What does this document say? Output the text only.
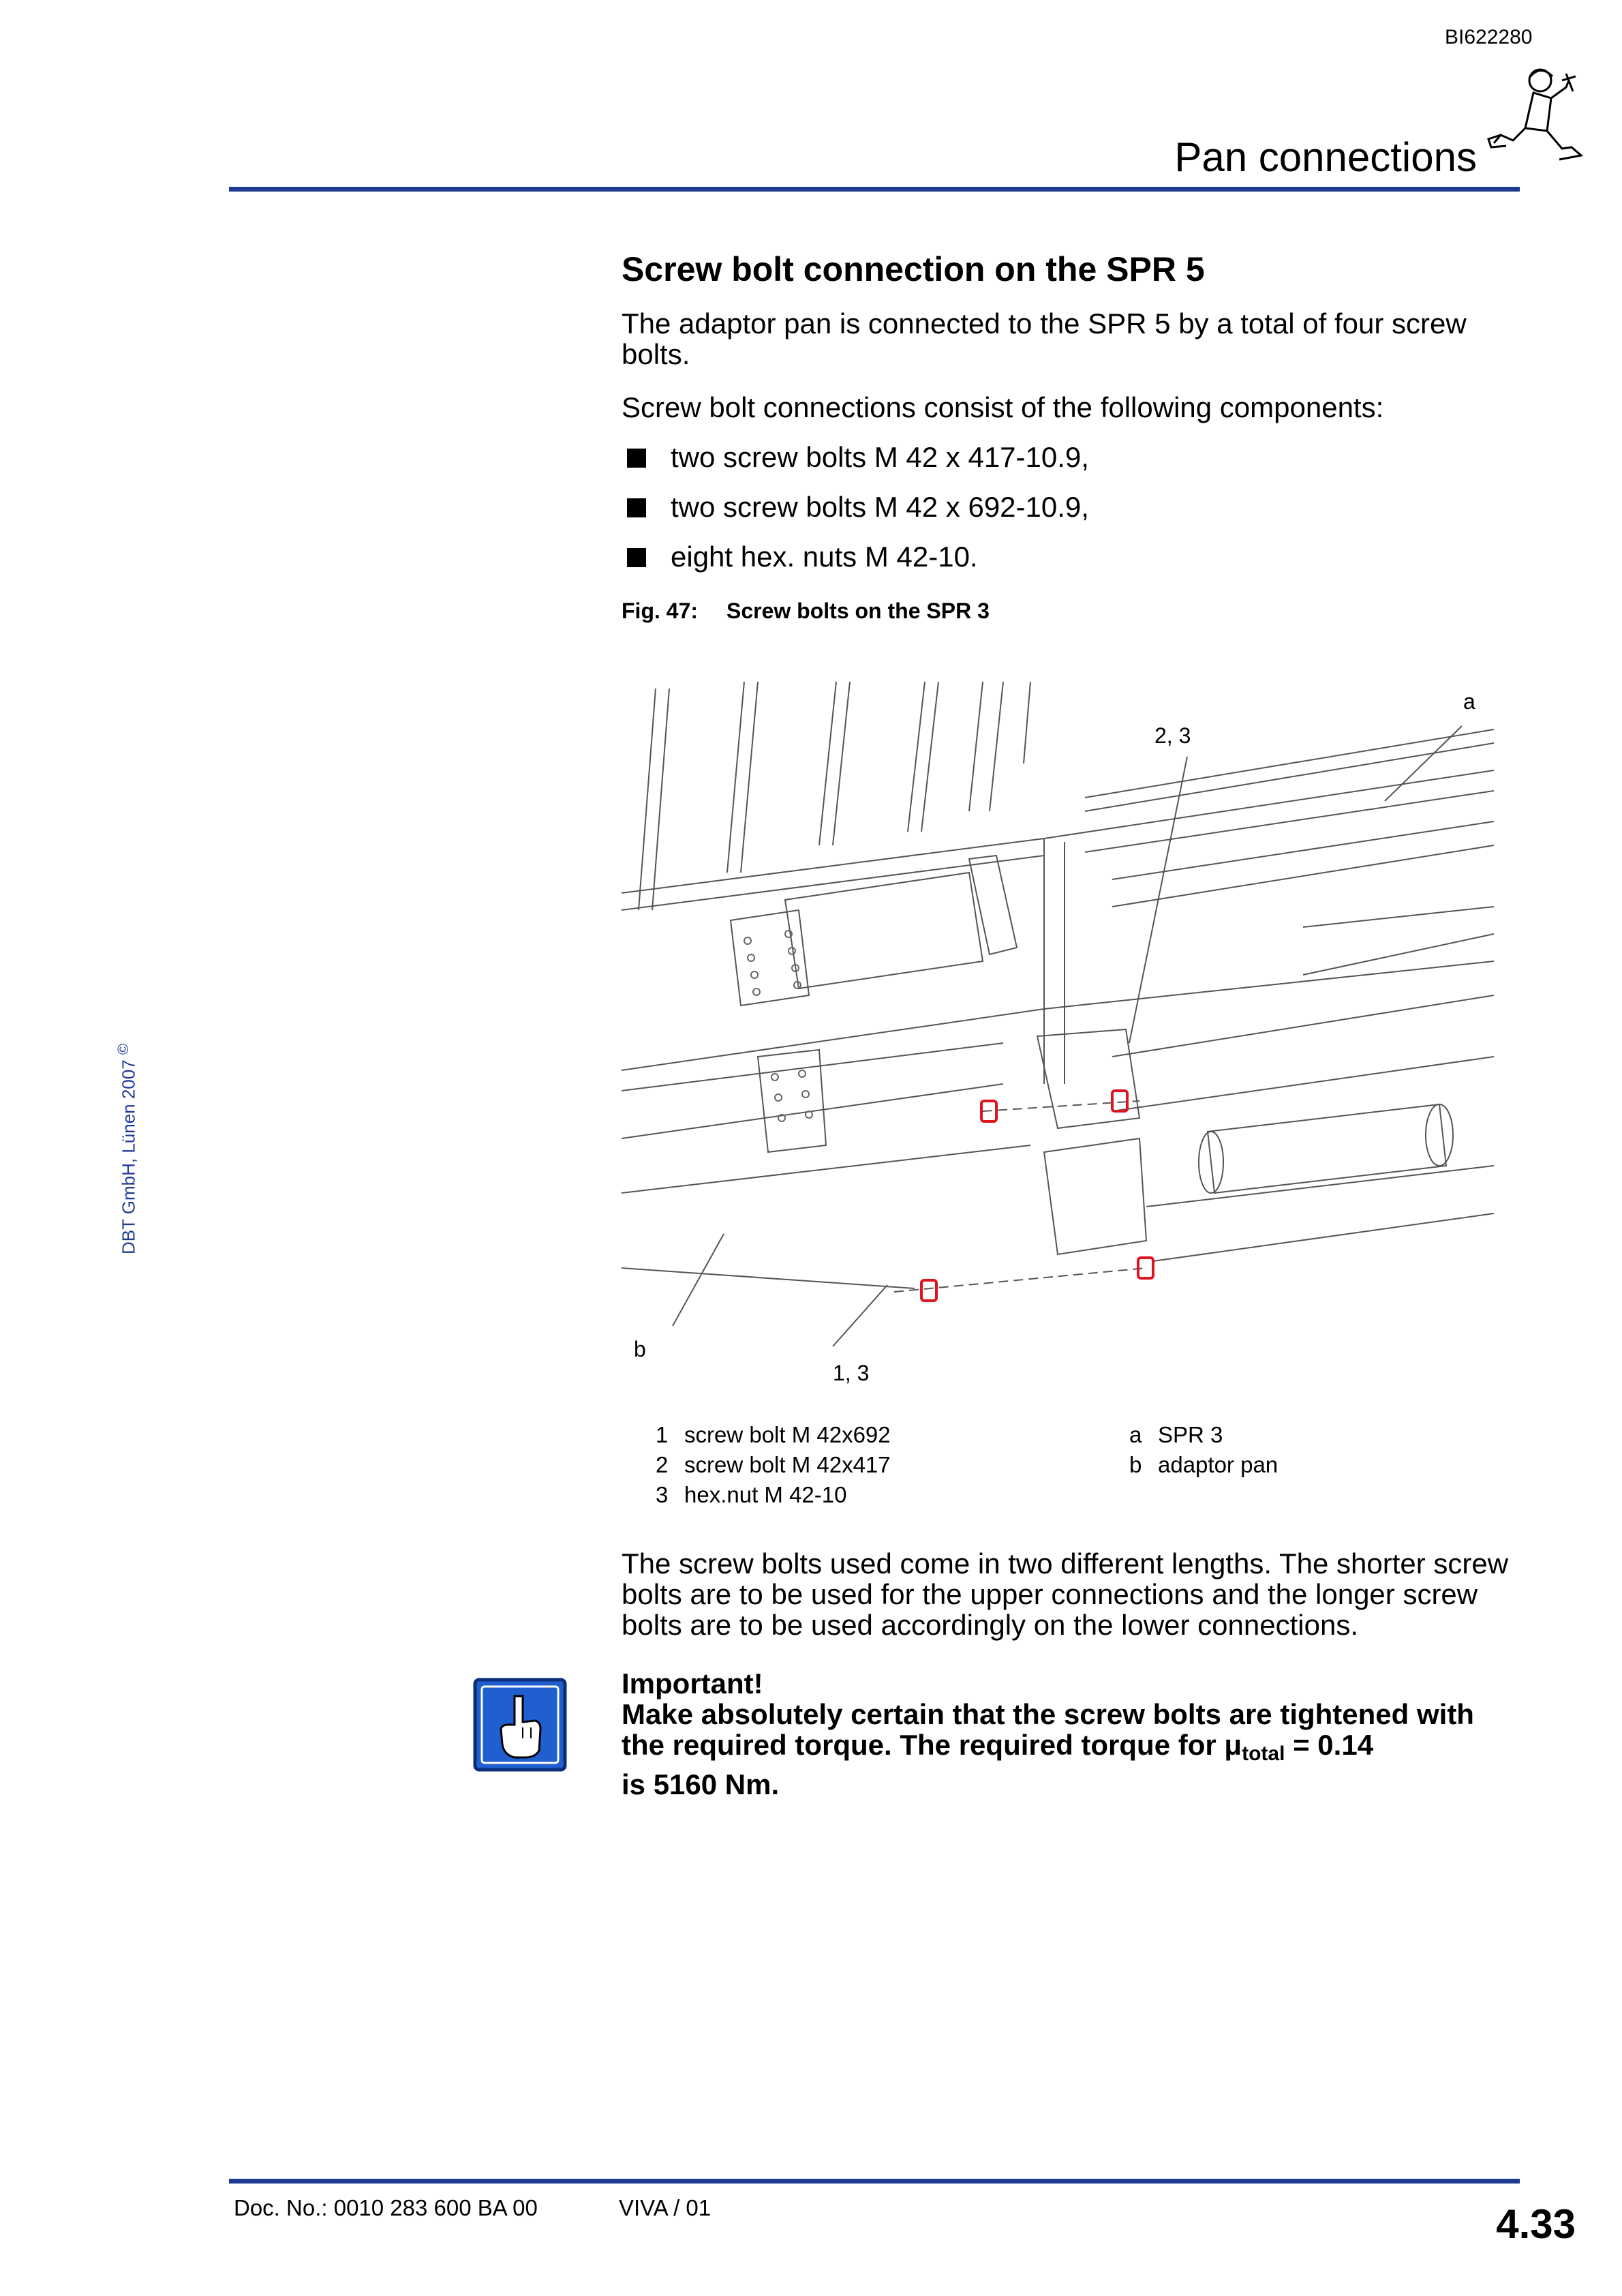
BI622280
Pan connections
DBT GmbH, Lünen 2007 ©
Screw bolt connection on the SPR 5

The adaptor pan is connected to the SPR 5 by a total of four screw bolts.

Screw bolt connections consist of the following components:

two screw bolts M 42 x 417-10.9,
two screw bolts M 42 x 692-10.9,
eight hex. nuts M 42-10.
Fig. 47: Screw bolts on the SPR 3
a
2, 3
b
1, 3
1 screw bolt M 42x692
2 screw bolt M 42x417
3 hex.nut M 42-10
a SPR 3
b adaptor pan

The screw bolts used come in two different lengths. The shorter screw bolts are to be used for the upper connections and the longer screw bolts are to be used accordingly on the lower connections.

Important!
Make absolutely certain that the screw bolts are tightened with the required torque. The required torque for $\mu_{total} = 0.14$
is 5160 Nm.
Doc. No.: 0010 283 600 BA 00	VIVA / 01	4.33
